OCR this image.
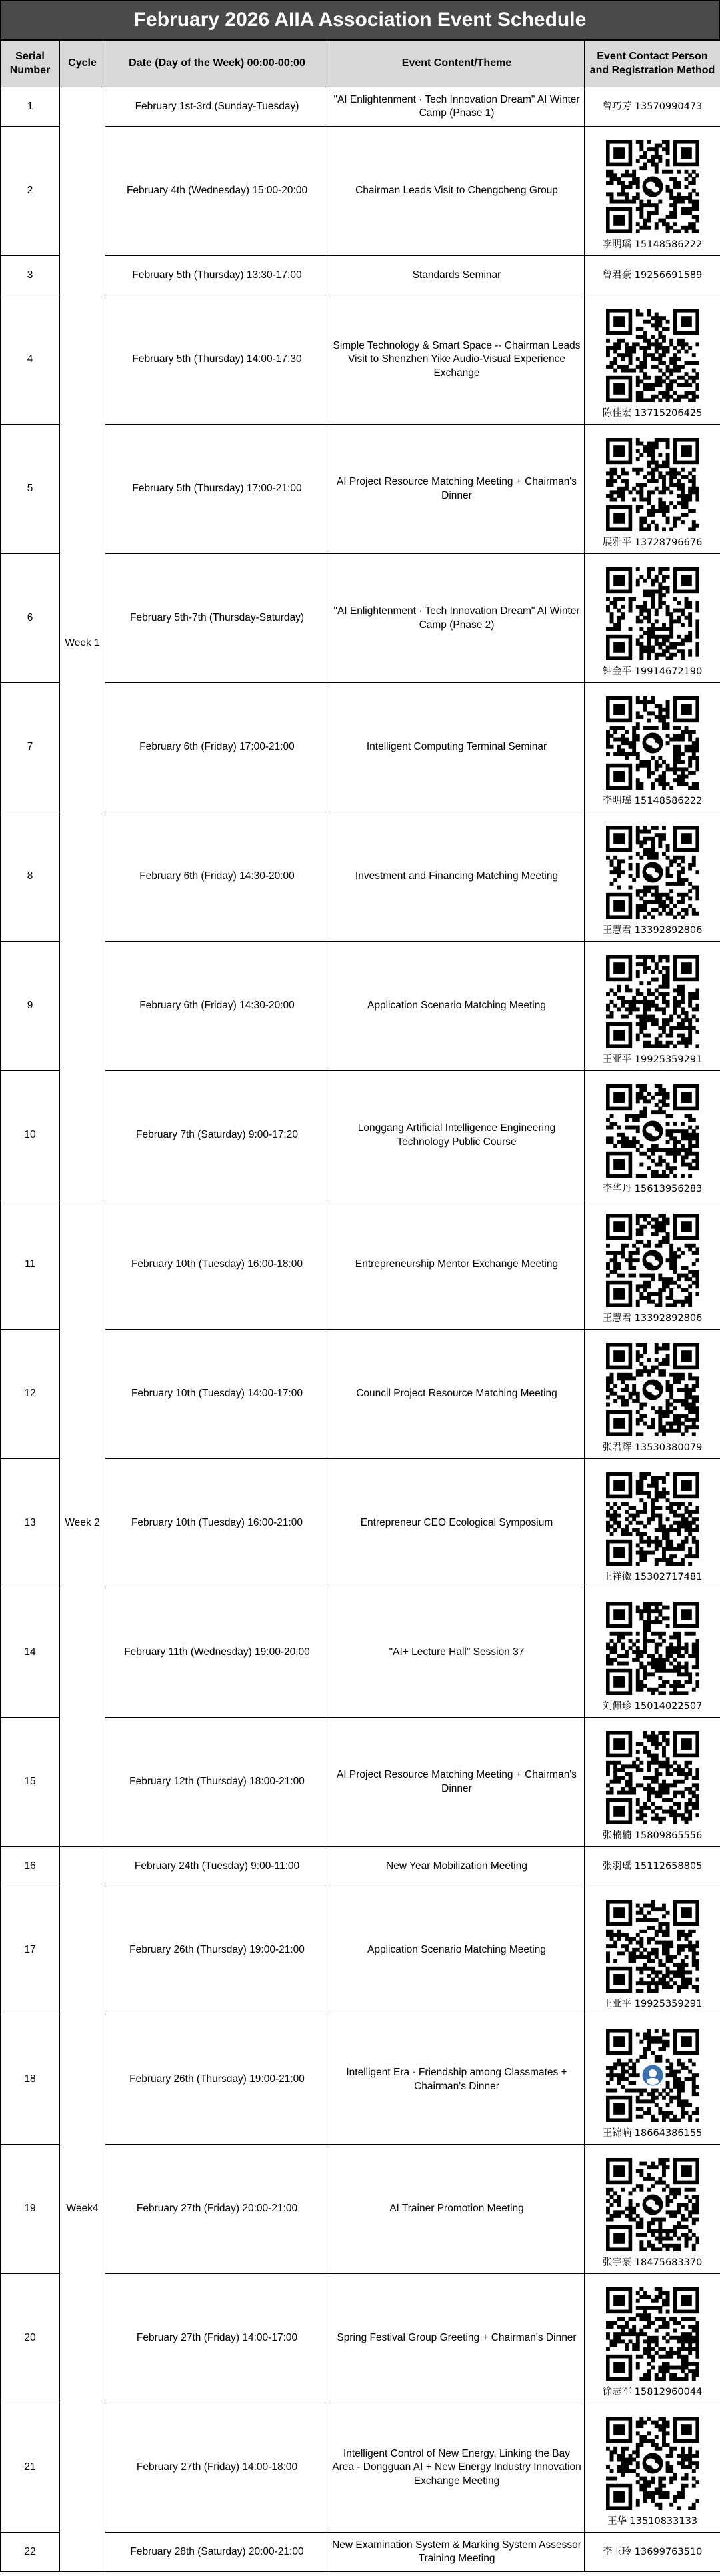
February 2026 AIIA Association Event Schedule
Serial Number	Cycle	Date (Day of the Week) 00:00-00:00	Event Content/Theme	Event Contact Person and Registration Method
1	Week 1	February 1st-3rd (Sunday-Tuesday)	"AI Enlightenment · Tech Innovation Dream" AI Winter Camp (Phase 1)	曾巧芳 13570990473

2		February 4th (Wednesday) 15:00-20:00	Chairman Leads Visit to Chengcheng Group	李明瑶 15148586222

3		February 5th (Thursday) 13:30-17:00	Standards Seminar	曾君豪 19256691589

4		February 5th (Thursday) 14:00-17:30	Simple Technology & Smart Space -- Chairman Leads Visit to Shenzhen Yike Audio-Visual Experience Exchange	陈佳宏 13715206425

5		February 5th (Thursday) 17:00-21:00	AI Project Resource Matching Meeting + Chairman's Dinner	展雅平 13728796676

6		February 5th-7th (Thursday-Saturday)	"AI Enlightenment · Tech Innovation Dream" AI Winter Camp (Phase 2)	钟金平 19914672190

7		February 6th (Friday) 17:00-21:00	Intelligent Computing Terminal Seminar	李明瑶 15148586222

8		February 6th (Friday) 14:30-20:00	Investment and Financing Matching Meeting	王慧君 13392892806

9		February 6th (Friday) 14:30-20:00	Application Scenario Matching Meeting	王亚平 19925359291

10		February 7th (Saturday) 9:00-17:20	Longgang Artificial Intelligence Engineering Technology Public Course	李华丹 15613956283

11	Week 2	February 10th (Tuesday) 16:00-18:00	Entrepreneurship Mentor Exchange Meeting	王慧君 13392892806

12		February 10th (Tuesday) 14:00-17:00	Council Project Resource Matching Meeting	张君辉 13530380079

13		February 10th (Tuesday) 16:00-21:00	Entrepreneur CEO Ecological Symposium	王祥徽 15302717481

14		February 11th (Wednesday) 19:00-20:00	"AI+ Lecture Hall" Session 37	刘佩珍 15014022507

15		February 12th (Thursday) 18:00-21:00	AI Project Resource Matching Meeting + Chairman's Dinner	张楠楠 15809865556

16	Week4	February 24th (Tuesday) 9:00-11:00	New Year Mobilization Meeting	张羽瑶 15112658805

17		February 26th (Thursday) 19:00-21:00	Application Scenario Matching Meeting	王亚平 19925359291

18		February 26th (Thursday) 19:00-21:00	Intelligent Era · Friendship among Classmates + Chairman's Dinner	王锦嘀 18664386155

19		February 27th (Friday) 20:00-21:00	AI Trainer Promotion Meeting	张宇豪 18475683370

20		February 27th (Friday) 14:00-17:00	Spring Festival Group Greeting + Chairman's Dinner	徐志军 15812960044

21		February 27th (Friday) 14:00-18:00	Intelligent Control of New Energy, Linking the Bay Area - Dongguan AI + New Energy Industry Innovation Exchange Meeting	王华 13510833133

22		February 28th (Saturday) 20:00-21:00	New Examination System & Marking System Assessor Training Meeting	李玉玲 13699763510
